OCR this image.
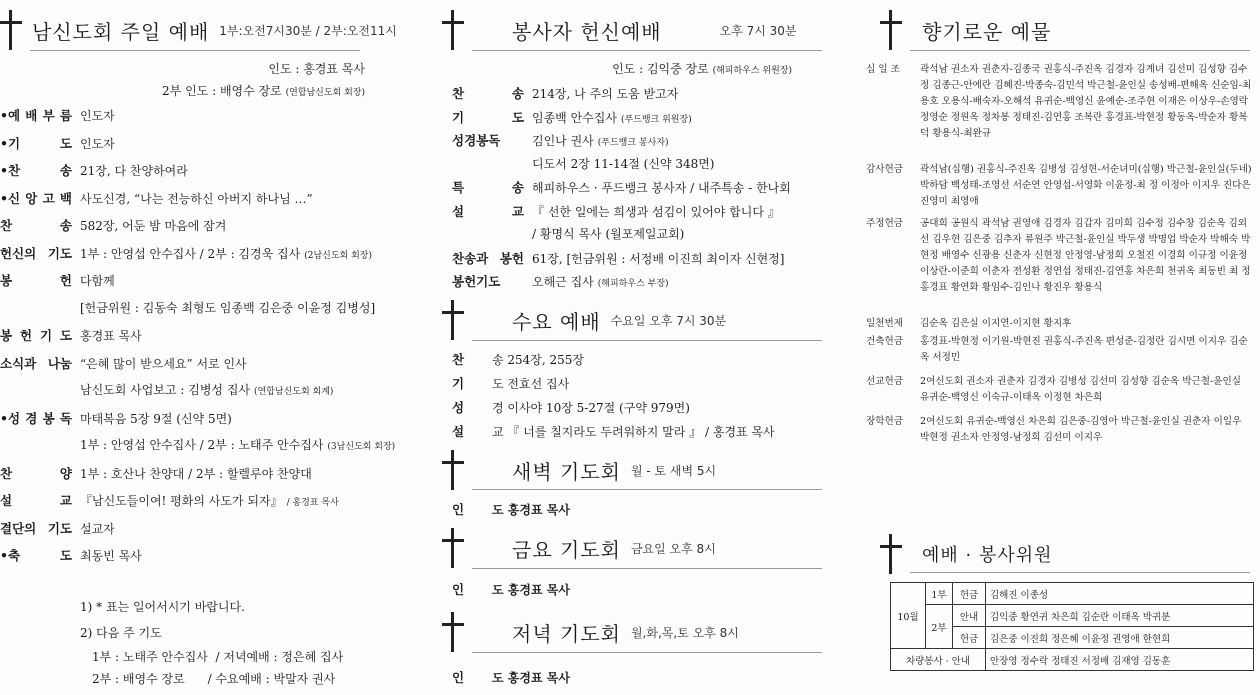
남신도회 주일 예배 1부:오전7시30분 / 2부:오전11시
인도 : 홍경표 목사
2부 인도 : 배영수 장로 (연합남신도회 회장)
•예 배 부 름 인도자
•기 도 인도자
•찬 송 21장, 다 찬양하여라
•신 앙 고 백 사도신경, “나는 전능하신 아버지 하나님 …”
찬 송 582장, 어둔 밤 마음에 잠겨
헌신의 기도 1부 : 안영섭 안수집사 / 2부 : 김경욱 집사 (2남신도회 회장)
봉 헌 다함께
[헌금위원 : 김동숙 최형도 임종백 김은중 이윤정 김병성]
봉 헌 기 도 홍경표 목사
소식과 나눔 “은혜 많이 받으세요” 서로 인사
남신도회 사업보고 : 김병성 집사 (연합남신도회 회계)
•성 경 봉 독 마태복음 5장 9절 (신약 5면)
1부 : 안영섭 안수집사 / 2부 : 노태주 안수집사 (3남신도회 회장)
찬 양 1부 : 호산나 찬양대 / 2부 : 할렐루야 찬양대
설 교 『남신도들이여! 평화의 사도가 되자』 / 홍경표 목사
결단의 기도 설교자
•축 도 최동빈 목사
1) * 표는 일어서시기 바랍니다.
2) 다음 주 기도
1부 : 노태주 안수집사 / 저녁예배 : 정은혜 집사
2부 : 배영수 장로 / 수요예배 : 박말자 권사
봉사자 헌신예배	오후 7시 30분
인도 : 김익중 장로 (해피하우스 위원장)
찬 송 214장, 나 주의 도움 받고자
기 도 임종백 안수집사 (푸드뱅크 위원장)
성경봉독	김인나 권사 (푸드뱅크 봉사자)
디도서 2장 11-14절 (신약 348면)
특 송 해피하우스 · 푸드뱅크 봉사자 / 내주특송 - 한나회
설 교 『 선한 일에는 희생과 섬김이 있어야 합니다 』
/ 황명식 목사 (월포제일교회)
찬송과 봉헌 61장, [헌금위원 : 서정배 이진희 최이자 신현정]
봉헌기도	오해근 집사 (해피하우스 부장)
수요 예배 수요일 오후 7시 30분
찬 송 254장, 255장
기 도 전효선 집사
성 경 이사야 10장 5-27절 (구약 979면)
설 교 『 너를 칠지라도 두려워하지 말라 』 / 홍경표 목사
새벽 기도회 월 - 토 새벽 5시
인 도 홍경표 목사
금요 기도회 금요일 오후 8시
인 도 홍경표 목사
저녁 기도회 월,화,목,토 오후 8시
인 도 홍경표 목사
향기로운 예물
십 일 조 곽석남 권소자 권춘자-김종국 권홍식-주진옥 김경자 김계녀 김선미 김성향 김수정 김종근-안에란 김혜진-박종숙-김민석 박근철-윤인실 송성배-편해옥 신순임-최용호 오용식-배숙자-오해석 유귀순-백영신 윤예순-조주현 이재은 이상우-손영락 정영순 정원옥 정차봉 정태진-김연홍 조복란 홍경표-박현정 황동옥-박순자 황복덕 황용식-최완규
감사헌금 곽석남(십행) 권홍식-주진옥 김병성 김성현-서순녀미(십행) 박근철-윤인실(두네) 박하담 백성태-조영선 서순연 안영섭-서영화 이윤정-최 정 이정아 이지우 진다은 진영미 최영애
주정헌금 공대희 공원식 곽석남 권영애 김경자 김갑자 김미희 김수정 김수창 김순옥 김외선 김우현 김은중 김추자 류원주 박근철-윤인실 박두생 박명업 박순자 박해숙 박현정 배영수 신광용 신춘자 신현정 안정영-남정희 오철진 이경희 이규정 이윤정 이상란-이준희 이춘자 전성환 정연섭 정태진-김연홍 차은희 천귀옥 최동빈 최 정 홍경표 황연화 황임수-김인나 황진우 황용식
일천번제 김순옥 김은실 이지연-이지현 황지후
건축헌금 홍경표-박현정 이기원-박현진 권홍식-주진옥 편성준-김정란 김시면 이지우 김순옥 서정민
선교헌금 2여신도회 권소자 권춘자 김경자 김병성 김선미 김성향 김순옥 박근철-윤인실 유귀순-백영신 이숙규-이태옥 이정현 차은희
장학헌금 2여신도회 유귀순-백영신 차은희 김은중-김영아 박근철-윤인실 권춘자 이일우 박현정 권소자 안정영-남정희 김선미 이지우
예배 · 봉사위원
10월	1부	헌금	김해진 이종성
	2부	안내	김익중 황연귀 차은희 김순란 이태옥 박귀분
		헌금	김은중 이진희 정은혜 이윤정 권영애 한현희
차량봉사 · 안내			안장영 정수락 정태진 서정배 김재영 김동훈
